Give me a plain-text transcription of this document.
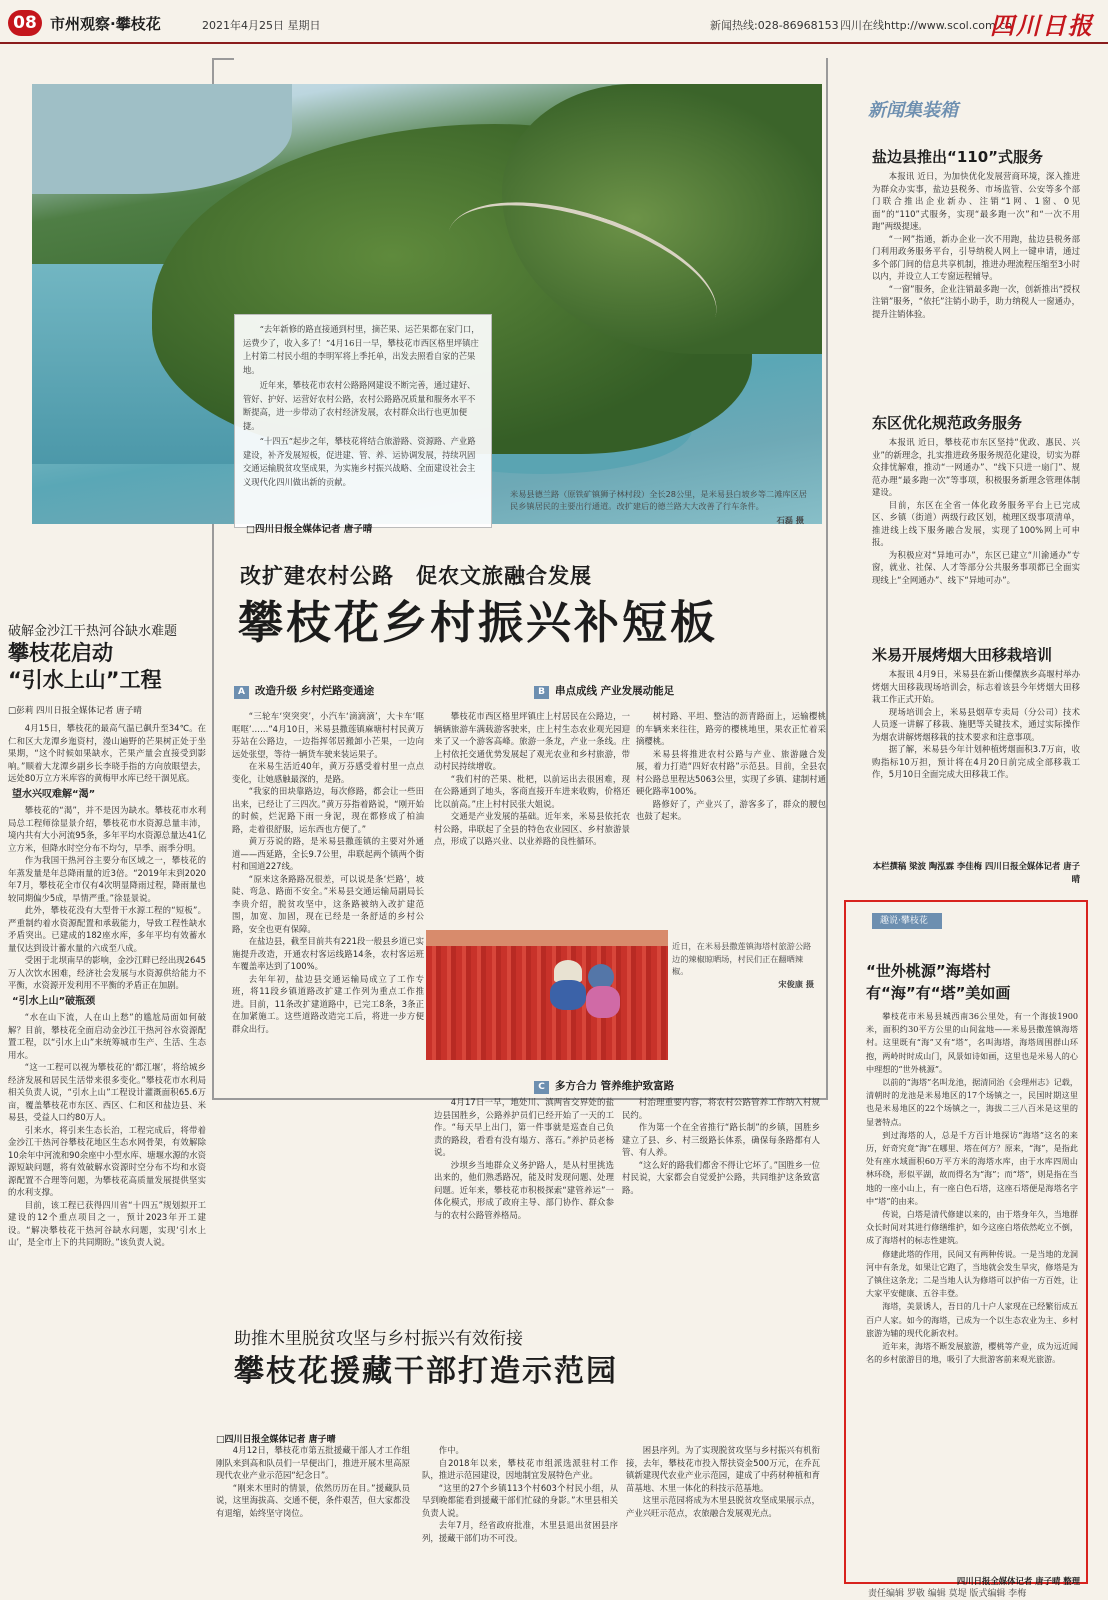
08 市州观察·攀枝花	2021年4月25日 星期日	新闻热线:028-86968153 四川在线http://www.scol.com.cn
四川日报

“去年新修的路直接通到村里，摘芒果、运芒果都在家门口，运费少了，收入多了！”4月16日一早，攀枝花市西区格里坪镇庄上村第二村民小组的李明军将上季托单，出发去照看自家的芒果地。

近年来，攀枝花市农村公路路网建设不断完善，通过建好、管好、护好、运营好农村公路，农村公路路况质量和服务水平不断提高，进一步带动了农村经济发展，农村群众出行也更加便捷。

“十四五”起步之年，攀枝花将结合旅游路、资源路、产业路建设，补齐发展短板，促进建、管、养、运协调发展，持续巩固交通运输脱贫攻坚成果，为实施乡村振兴战略、全面建设社会主义现代化四川做出新的贡献。

米易县德兰路（原铁矿镇狮子林村段）全长28公里，是米易县白坡乡等二滩库区居民乡镇居民的主要出行通道。改扩建后的德兰路大大改善了行车条件。
石磊 摄
□四川日报全媒体记者 唐子晴
改扩建农村公路　促农文旅融合发展
攀枝花乡村振兴补短板
A 改造升级 乡村烂路变通途	B 串点成线 产业发展动能足

“三轮车‘突突突’，小汽车‘滴滴滴’，大卡车‘哐哐哐’……”4月10日，米易县撒莲镇麻塘村村民黄万芬站在公路边，一边指挥邻居搬卸小芒果，一边向远处张望，等待一辆货车驶来装运果子。

在米易生活近40年，黄万芬感受着村里一点点变化，让她感触最深的，是路。

“我家的田块靠路边，每次修路，都会让一些田出来，已经让了三四次。”黄万芬指着路说，“刚开始的时候，烂泥路下雨一身泥，现在都修成了柏油路，走着很舒服，运东西也方便了。”

黄万芬说的路，是米易县撒莲镇的主要对外通道——西延路，全长9.7公里，串联起两个镇两个街村和国道227线。

“原来这条路路况很差，可以说是条‘烂路’，坡陡、弯急、路面不安全。”米易县交通运输局副局长李贵介绍，脱贫攻坚中，这条路被纳入改扩建范围，加宽、加固，现在已经是一条舒适的乡村公路，安全也更有保障。

在盐边县，截至目前共有221段一般县乡道已实施提升改造，开通农村客运线路14条，农村客运班车覆盖率达到了100%。

去年年初，盐边县交通运输局成立了工作专班，将11段乡镇道路改扩建工作列为重点工作推进。目前，11条改扩建道路中，已完工8条，3条正在加紧施工。这些道路改造完工后，将进一步方便群众出行。

攀枝花市西区格里坪镇庄上村居民在公路边，一辆辆旅游车满载游客驶来，庄上村生态农业观光园迎来了又一个游客高峰。旅游一条龙，产业一条线。庄上村依托交通优势发展起了观光农业和乡村旅游，带动村民持续增收。

“我们村的芒果、枇杷，以前运出去很困难，现在公路通到了地头，客商直接开车进来收购，价格还比以前高。”庄上村村民张大姐说。

交通是产业发展的基础。近年来，米易县依托农村公路，串联起了全县的特色农业园区、乡村旅游景点，形成了以路兴业、以业养路的良性循环。

树村路、平坦、整洁的沥青路面上，运输樱桃的车辆来来往往，路旁的樱桃地里，果农正忙着采摘樱桃。

米易县将推进农村公路与产业、旅游融合发展，着力打造“四好农村路”示范县。目前，全县农村公路总里程达5063公里，实现了乡镇、建制村通硬化路率100%。

路修好了，产业兴了，游客多了，群众的腰包也鼓了起来。

近日，在米易县撒莲镇海塔村旅游公路边的辣椒晾晒场，村民们正在翻晒辣椒。
宋俊康 摄
C 多方合力 管养维护致富路

4月17日一早，地处川、滇两省交界处的盐边县国胜乡，公路养护员们已经开始了一天的工作。“每天早上出门，第一件事就是巡查自己负责的路段，看看有没有塌方、落石。”养护员老杨说。

沙坝乡当地群众义务护路人，是从村里挑选出来的，他们熟悉路况，能及时发现问题、处理问题。近年来，攀枝花市积极探索“建管养运”一体化模式，形成了政府主导、部门协作、群众参与的农村公路管养格局。

村治理重要内容，将农村公路管养工作纳入村规民约。

作为第一个在全省推行“路长制”的乡镇，国胜乡建立了县、乡、村三级路长体系，确保每条路都有人管、有人养。

“这么好的路我们都舍不得让它坏了。”国胜乡一位村民说，大家都会自觉爱护公路，共同维护这条致富路。

破解金沙江干热河谷缺水难题
攀枝花启动
“引水上山”工程
□彭莉 四川日报全媒体记者 唐子晴

4月15日，攀枝花的最高气温已飙升至34℃。在仁和区大龙潭乡迤资村，漫山遍野的芒果树正处于坐果期，“这个时候如果缺水，芒果产量会直接受到影响。”顺着大龙潭乡副乡长李晓手指的方向放眼望去，远处80万立方米库容的黄梅甲水库已经干涸见底。

望水兴叹难解“渴”

攀枝花的“渴”，并不是因为缺水。攀枝花市水利局总工程师徐显景介绍，攀枝花市水资源总量丰沛，境内共有大小河流95条，多年平均水资源总量达41亿立方米，但降水时空分布不均匀，早季、雨季分明。

作为我国干热河谷主要分布区域之一，攀枝花的年蒸发量是年总降雨量的近3倍。“2019年末到2020年7月，攀枝花全市仅有4次明显降雨过程，降雨量也较同期偏少5成，旱情严重。”徐显景说。

此外，攀枝花没有大型骨干水源工程的“短板”。严重制约着水资源配置和承载能力，导致工程性缺水矛盾突出。已建成的182座水库，多年平均有效蓄水量仅达到设计蓄水量的六成至八成。

受困于北坝南早的影响，金沙江畔已经出现2645万人次饮水困难，经济社会发展与水资源供给能力不平衡，水资源开发利用不平衡的矛盾正在加剧。

“引水上山”破瓶颈

“水在山下流，人在山上愁”的尴尬局面如何破解？目前，攀枝花全面启动金沙江干热河谷水资源配置工程，以“引水上山”来统筹城市生产、生活、生态用水。

“这一工程可以视为攀枝花的‘都江堰’，将给城乡经济发展和居民生活带来很多变化。”攀枝花市水利局相关负责人说，“引水上山”工程设计灌溉面积65.6万亩，覆盖攀枝花市东区、西区、仁和区和盐边县、米易县，受益人口约80万人。

引来水，将引来生态长治，工程完成后，将带着金沙江干热河谷攀枝花地区生态水网骨架，有效解除10余年中河流和90余座中小型水库、塘堰水源的水资源短缺问题，将有效破解水资源时空分布不均和水资源配置不合理等问题，为攀枝花高质量发展提供坚实的水利支撑。

目前，该工程已获得四川省“十四五”规划拟开工建设的12个重点项目之一，预计2023年开工建设。“解决攀枝花干热河谷缺水问题，实现‘引水上山’，是全市上下的共同期盼。”该负责人说。

助推木里脱贫攻坚与乡村振兴有效衔接
攀枝花援藏干部打造示范园
□四川日报全媒体记者 唐子晴

4月12日，攀枝花市第五批援藏干部人才工作组刚队来到高和队员们一早便出门，推进开展木里高原现代农业产业示范园“纪念日”。

“刚来木里时的情景，依然历历在目。”援藏队员说，这里海拔高、交通不便，条件艰苦，但大家都没有退缩，始终坚守岗位。

作中。

自2018年以来，攀枝花市组派选派驻村工作队，推进示范园建设，因地制宜发展特色产业。

“这里的27个乡镇113个村603个村民小组，从早到晚都能看到援藏干部们忙碌的身影。”木里县相关负责人说。

去年7月，经省政府批准，木里县退出贫困县序列，援藏干部们功不可没。

困县序列。为了实现脱贫攻坚与乡村振兴有机衔接，去年，攀枝花市投入帮扶资金500万元，在乔瓦镇新建现代农业产业示范园，建成了中药材种植和育苗基地、木里一体化的科技示范基地。

这里示范园将成为木里县脱贫攻坚成果展示点，产业兴旺示范点，农旅融合发展观光点。

新闻集装箱
盐边县推出“110”式服务

本报讯 近日，为加快优化发展营商环境，深入推进为群众办实事，盐边县税务、市场监管、公安等多个部门联合推出企业新办、注销“1网、1窗、0见面”的“110”式服务，实现“最多跑一次”和“一次不用跑”两级提速。

“一网”指通，新办企业一次不用跑，盐边县税务部门利用政务服务平台，引导纳税人网上一键申请，通过多个部门间的信息共享机制，推进办理流程压缩至3小时以内，并设立人工专窗远程辅导。

“一窗”服务，企业注销最多跑一次，创新推出“授权注销”服务，“依托”注销小助手，助力纳税人一窗通办，提升注销体验。

东区优化规范政务服务

本报讯 近日，攀枝花市东区坚持“优政、惠民、兴业”的新理念，扎实推进政务服务规范化建设，切实为群众排忧解难，推动“一网通办”、“线下只进一扇门”、规范办理“最多跑一次”等事项，积极服务新理念管理体制建设。

目前，东区在全省一体化政务服务平台上已完成区、乡镇（街道）两级行政区划，梳理区级事项清单，推进线上线下服务融合发展，实现了100%网上可申报。

为积极应对“异地可办”，东区已建立“川渝通办”专窗，就业、社保、人才等部分公共服务事项都已全面实现线上“全网通办”、线下“异地可办”。

米易开展烤烟大田移栽培训

本报讯 4月9日，米易县在新山傈僳族乡高堰村举办烤烟大田移栽现场培训会，标志着该县今年烤烟大田移栽工作正式开始。

现场培训会上，米易县烟草专卖局（分公司）技术人员逐一讲解了移栽、施肥等关键技术，通过实际操作为烟农讲解烤烟移栽的技术要求和注意事项。

据了解，米易县今年计划种植烤烟面积3.7万亩，收购指标10万担，预计将在4月20日前完成全部移栽工作，5月10日全面完成大田移栽工作。

本栏撰稿 梁波 陶泓霖 李佳梅 四川日报全媒体记者 唐子晴
趣说·攀枝花
“世外桃源”海塔村
有“海”有“塔”美如画

攀枝花市米易县城西南36公里处，有一个海拔1900米，面积约30平方公里的山间盆地——米易县撒莲镇海塔村。这里既有“海”又有“塔”，名叫海塔，海塔周围群山环抱，两岭时时成山门，风景如诗如画，这里也是米易人的心中理想的“世外桃源”。

以前的“海塔”名叫龙池，据清同治《会理州志》记载，清朝时的龙池是米易地区的17个场镇之一，民国时期这里也是米易地区的22个场镇之一，海拔二三八百米是这里的显著特点。

到过海塔的人，总是千方百计地探访“海塔”这名的来历，好奇究竟“海”在哪里、塔在何方？原来，“海”，是指此处有座水域面积60万平方米的海塔水库，由于水库四周山林环绕，形似平湖，故而得名为“海”；而“塔”，则是指在当地的一座小山上，有一座白色石塔，这座石塔便是海塔名字中“塔”的由来。

传说，白塔是清代修建以来的，由于塔身年久，当地群众长时间对其进行修缮维护，如今这座白塔依然屹立不倒，成了海塔村的标志性建筑。

修建此塔的作用，民间又有两种传说。一是当地的龙洞河中有条龙，如果让它跑了，当地就会发生旱灾，修塔是为了镇住这条龙；二是当地人认为修塔可以护佑一方百姓，让大家平安健康、五谷丰登。

海塔，美景诱人，吾日的几十户人家现在已经繁衍成五百户人家。如今的海塔，已成为一个以生态农业为主、乡村旅游为辅的现代化新农村。

近年来，海塔不断发展旅游，樱桃等产业，成为远近闻名的乡村旅游目的地，吸引了大批游客前来观光旅游。

四川日报全媒体记者 唐子晴 整理
责任编辑 罗敬 编辑 莫堤 版式编辑 李梅
